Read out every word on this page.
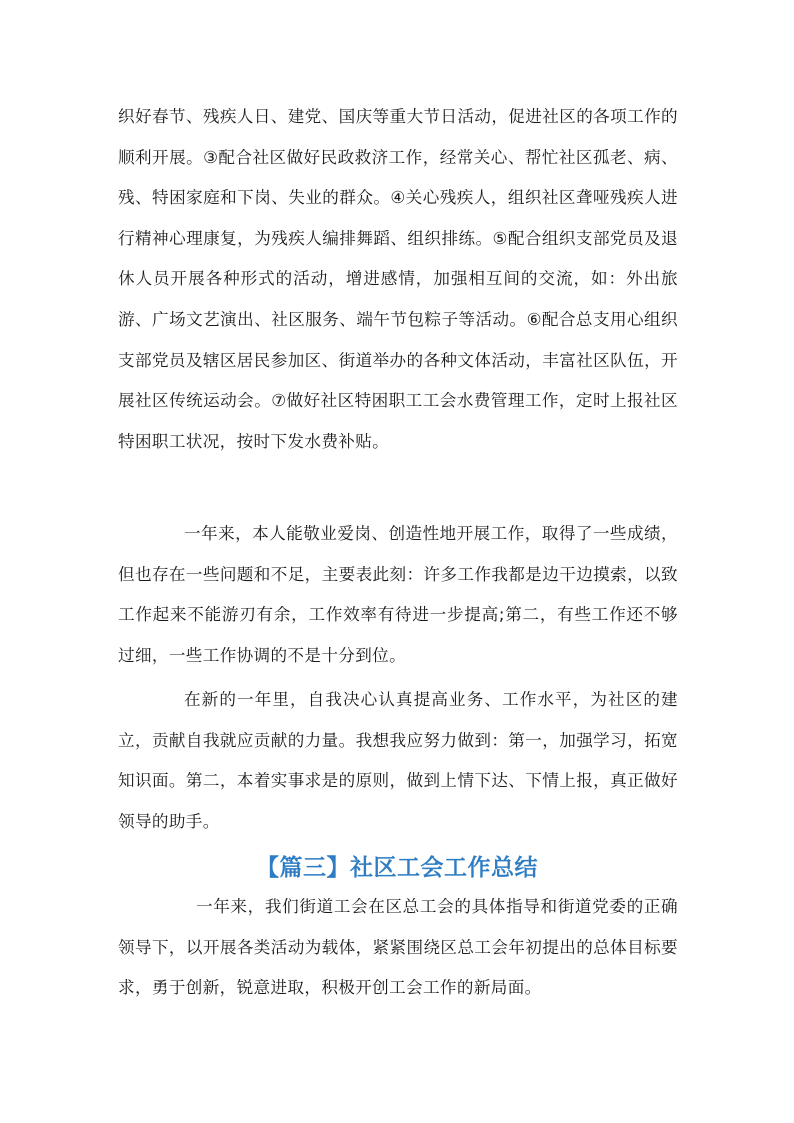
织好春节、残疾人日、建党、国庆等重大节日活动，促进社区的各项工作的顺利开展。③配合社区做好民政救济工作，经常关心、帮忙社区孤老、病、残、特困家庭和下岗、失业的群众。④关心残疾人，组织社区聋哑残疾人进行精神心理康复，为残疾人编排舞蹈、组织排练。⑤配合组织支部党员及退休人员开展各种形式的活动，增进感情，加强相互间的交流，如：外出旅游、广场文艺演出、社区服务、端午节包粽子等活动。⑥配合总支用心组织支部党员及辖区居民参加区、街道举办的各种文体活动，丰富社区队伍，开展社区传统运动会。⑦做好社区特困职工工会水费管理工作，定时上报社区特困职工状况，按时下发水费补贴。

一年来，本人能敬业爱岗、创造性地开展工作，取得了一些成绩，但也存在一些问题和不足，主要表此刻：许多工作我都是边干边摸索，以致工作起来不能游刃有余，工作效率有待进一步提高;第二，有些工作还不够过细，一些工作协调的不是十分到位。

在新的一年里，自我决心认真提高业务、工作水平，为社区的建立，贡献自我就应贡献的力量。我想我应努力做到：第一，加强学习，拓宽知识面。第二，本着实事求是的原则，做到上情下达、下情上报，真正做好领导的助手。

【篇三】社区工会工作总结

一年来，我们街道工会在区总工会的具体指导和街道党委的正确领导下，以开展各类活动为载体，紧紧围绕区总工会年初提出的总体目标要求，勇于创新，锐意进取，积极开创工会工作的新局面。
